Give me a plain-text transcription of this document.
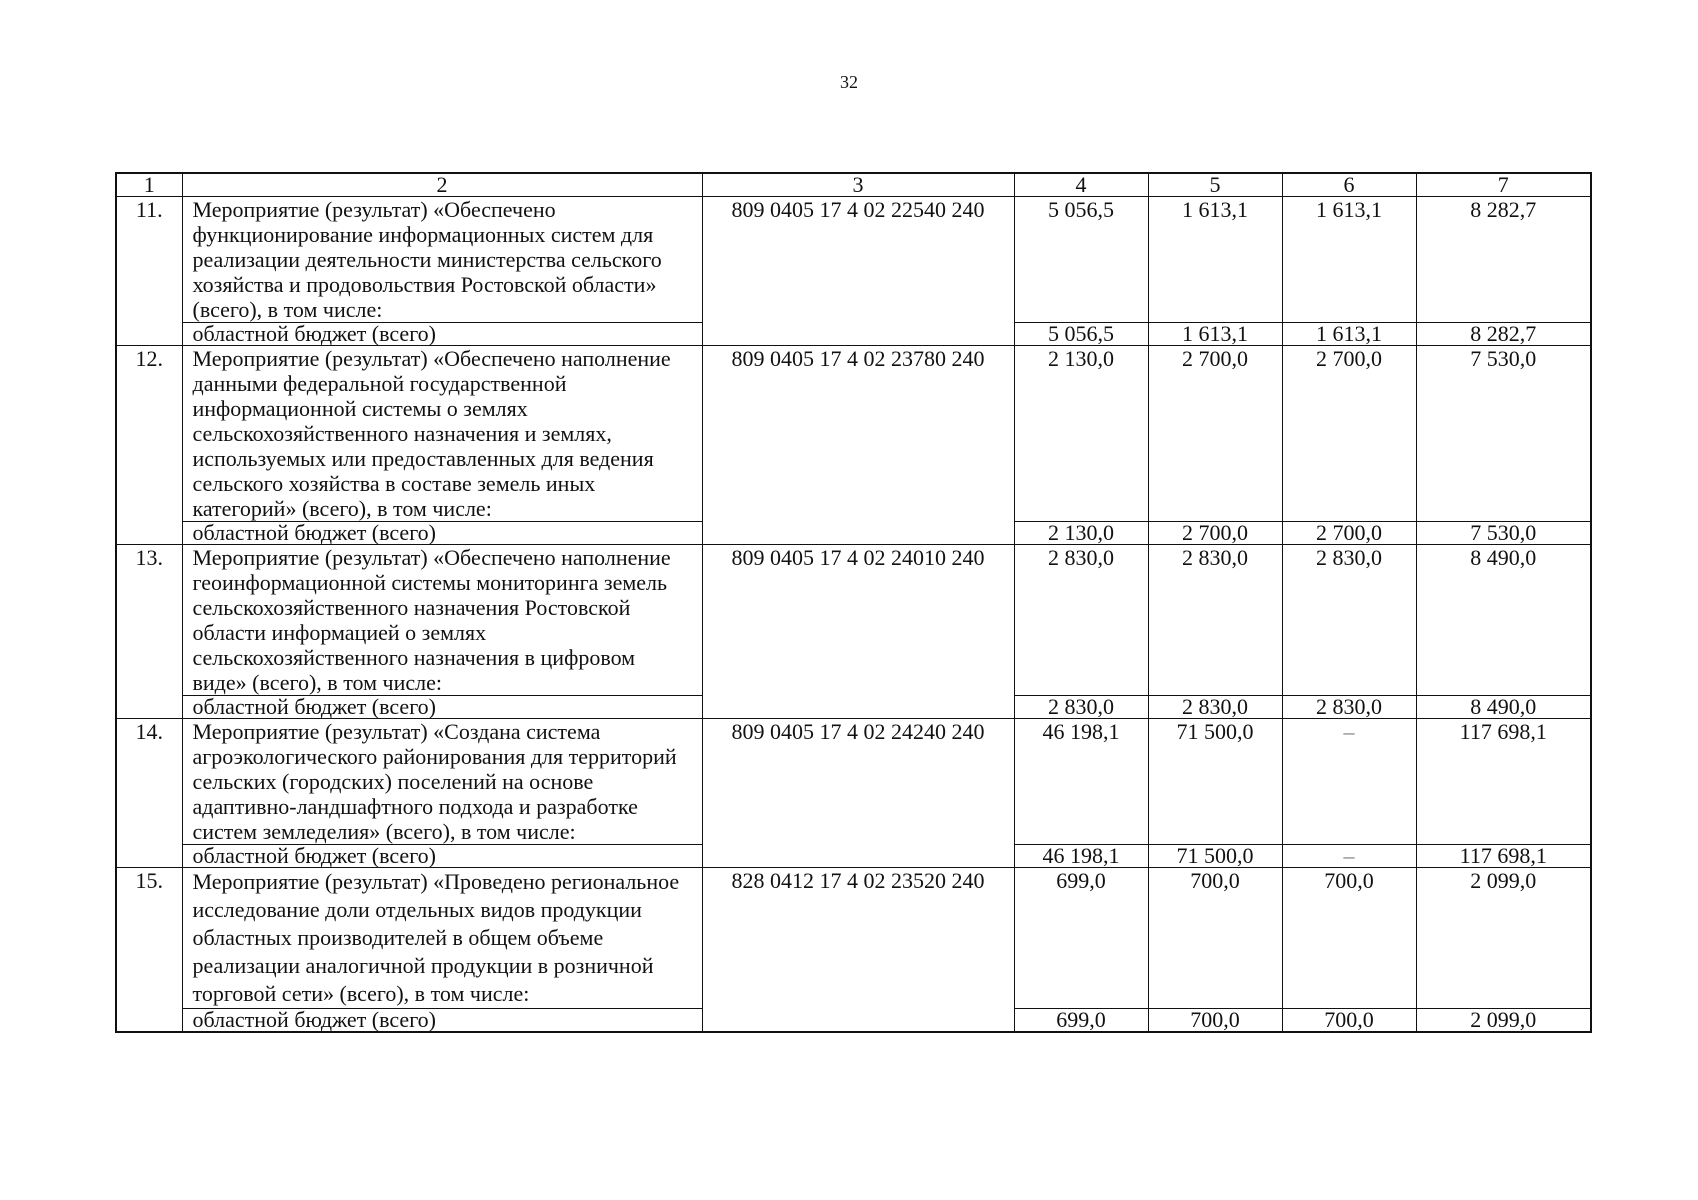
32
1	2	3	4	5	6	7
11.	Мероприятие (результат) «Обеспечено функционирование информационных систем для реализации деятельности министерства сельского хозяйства и продовольствия Ростовской области» (всего), в том числе:	809 0405 17 4 02 22540 240	5 056,5	1 613,1	1 613,1	8 282,7
	областной бюджет (всего)		5 056,5	1 613,1	1 613,1	8 282,7
12.	Мероприятие (результат) «Обеспечено наполнение данными федеральной государственной информационной системы о землях сельскохозяйственного назначения и землях, используемых или предоставленных для ведения сельского хозяйства в составе земель иных категорий» (всего), в том числе:	809 0405 17 4 02 23780 240	2 130,0	2 700,0	2 700,0	7 530,0
	областной бюджет (всего)		2 130,0	2 700,0	2 700,0	7 530,0
13.	Мероприятие (результат) «Обеспечено наполнение геоинформационной системы мониторинга земель сельскохозяйственного назначения Ростовской области информацией о землях сельскохозяйственного назначения в цифровом виде» (всего), в том числе:	809 0405 17 4 02 24010 240	2 830,0	2 830,0	2 830,0	8 490,0
	областной бюджет (всего)		2 830,0	2 830,0	2 830,0	8 490,0
14.	Мероприятие (результат) «Создана система агроэкологического районирования для территорий сельских (городских) поселений на основе адаптивно-ландшафтного подхода и разработке систем земледелия» (всего), в том числе:	809 0405 17 4 02 24240 240	46 198,1	71 500,0	–	117 698,1
	областной бюджет (всего)		46 198,1	71 500,0	–	117 698,1
15.	Мероприятие (результат) «Проведено региональное исследование доли отдельных видов продукции областных производителей в общем объеме реализации аналогичной продукции в розничной торговой сети» (всего), в том числе:	828 0412 17 4 02 23520 240	699,0	700,0	700,0	2 099,0
	областной бюджет (всего)		699,0	700,0	700,0	2 099,0
